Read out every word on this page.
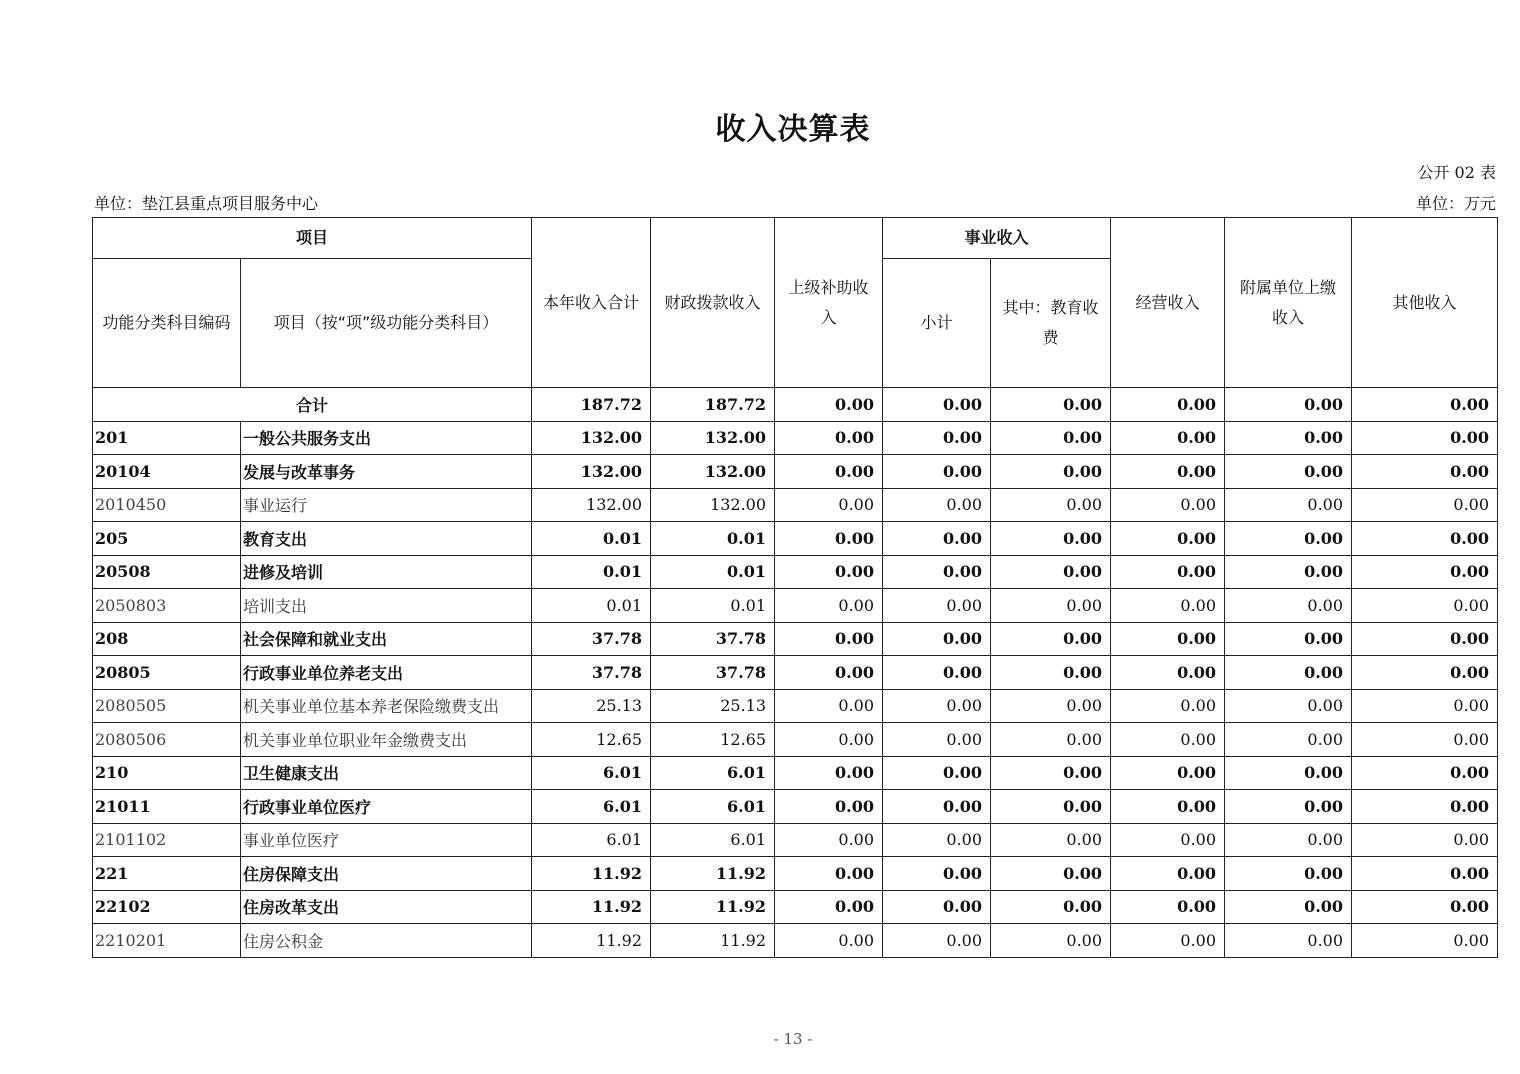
收入决算表
公开 02 表
单位：垫江县重点项目服务中心	单位：万元
项目		本年收入合计	财政拨款收入	上级补助收入	事业收入		经营收入	附属单位上缴收入	其他收入
功能分类科目编码	项目（按“项”级功能分类科目）				小计	其中：教育收费			
合计		187.72	187.72	0.00	0.00	0.00	0.00	0.00	0.00
201	一般公共服务支出	132.00	132.00	0.00	0.00	0.00	0.00	0.00	0.00
20104	发展与改革事务	132.00	132.00	0.00	0.00	0.00	0.00	0.00	0.00
2010450	事业运行	132.00	132.00	0.00	0.00	0.00	0.00	0.00	0.00
205	教育支出	0.01	0.01	0.00	0.00	0.00	0.00	0.00	0.00
20508	进修及培训	0.01	0.01	0.00	0.00	0.00	0.00	0.00	0.00
2050803	培训支出	0.01	0.01	0.00	0.00	0.00	0.00	0.00	0.00
208	社会保障和就业支出	37.78	37.78	0.00	0.00	0.00	0.00	0.00	0.00
20805	行政事业单位养老支出	37.78	37.78	0.00	0.00	0.00	0.00	0.00	0.00
2080505	机关事业单位基本养老保险缴费支出	25.13	25.13	0.00	0.00	0.00	0.00	0.00	0.00
2080506	机关事业单位职业年金缴费支出	12.65	12.65	0.00	0.00	0.00	0.00	0.00	0.00
210	卫生健康支出	6.01	6.01	0.00	0.00	0.00	0.00	0.00	0.00
21011	行政事业单位医疗	6.01	6.01	0.00	0.00	0.00	0.00	0.00	0.00
2101102	事业单位医疗	6.01	6.01	0.00	0.00	0.00	0.00	0.00	0.00
221	住房保障支出	11.92	11.92	0.00	0.00	0.00	0.00	0.00	0.00
22102	住房改革支出	11.92	11.92	0.00	0.00	0.00	0.00	0.00	0.00
2210201	住房公积金	11.92	11.92	0.00	0.00	0.00	0.00	0.00	0.00
- 13 -
